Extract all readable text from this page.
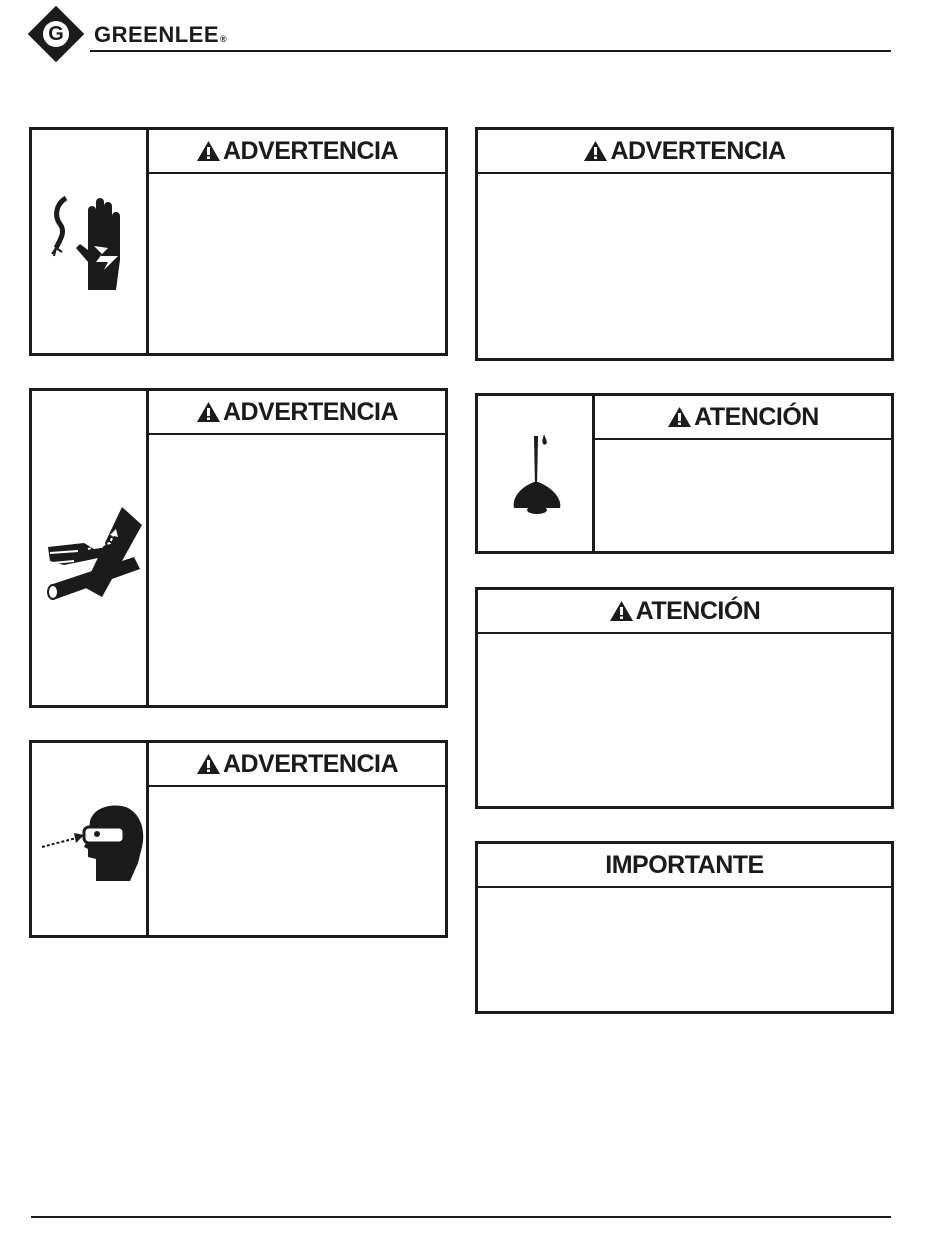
G GREENLEE®
ADVERTENCIA
ADVERTENCIA
ADVERTENCIA
ADVERTENCIA
ATENCIÓN
ATENCIÓN
IMPORTANTE
